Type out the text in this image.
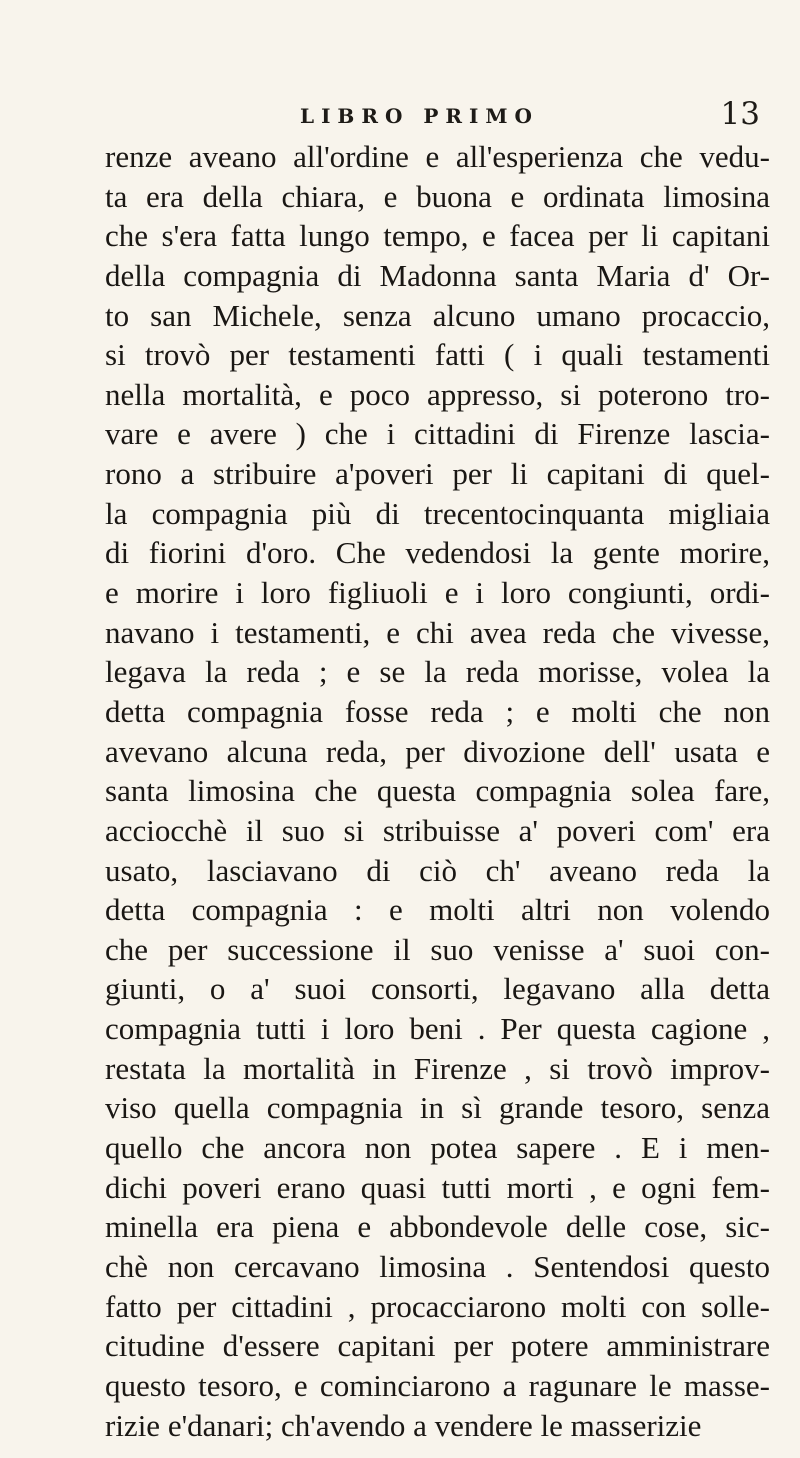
LIBRO PRIMO	13
renze aveano all'ordine e all'esperienza che vedu-
ta era della chiara, e buona e ordinata limosina
che s'era fatta lungo tempo, e facea per li capitani
della compagnia di Madonna santa Maria d' Or-
to san Michele, senza alcuno umano procaccio,
si trovò per testamenti fatti ( i quali testamenti
nella mortalità, e poco appresso, si poterono tro-
vare e avere ) che i cittadini di Firenze lascia-
rono a stribuire a'poveri per li capitani di quel-
la compagnia più di trecentocinquanta migliaia
di fiorini d'oro. Che vedendosi la gente morire,
e morire i loro figliuoli e i loro congiunti, ordi-
navano i testamenti, e chi avea reda che vivesse,
legava la reda ; e se la reda morisse, volea la
detta compagnia fosse reda ; e molti che non
avevano alcuna reda, per divozione dell' usata e
santa limosina che questa compagnia solea fare,
acciocchè il suo si stribuisse a' poveri com' era
usato, lasciavano di ciò ch' aveano reda la
detta compagnia : e molti altri non volendo
che per successione il suo venisse a' suoi con-
giunti, o a' suoi consorti, legavano alla detta
compagnia tutti i loro beni . Per questa cagione ,
restata la mortalità in Firenze , si trovò improv-
viso quella compagnia in sì grande tesoro, senza
quello che ancora non potea sapere . E i men-
dichi poveri erano quasi tutti morti , e ogni fem-
minella era piena e abbondevole delle cose, sic-
chè non cercavano limosina . Sentendosi questo
fatto per cittadini , procacciarono molti con solle-
citudine d'essere capitani per potere amministrare
questo tesoro, e cominciarono a ragunare le masse-
rizie e'danari; ch'avendo a vendere le masserizie
